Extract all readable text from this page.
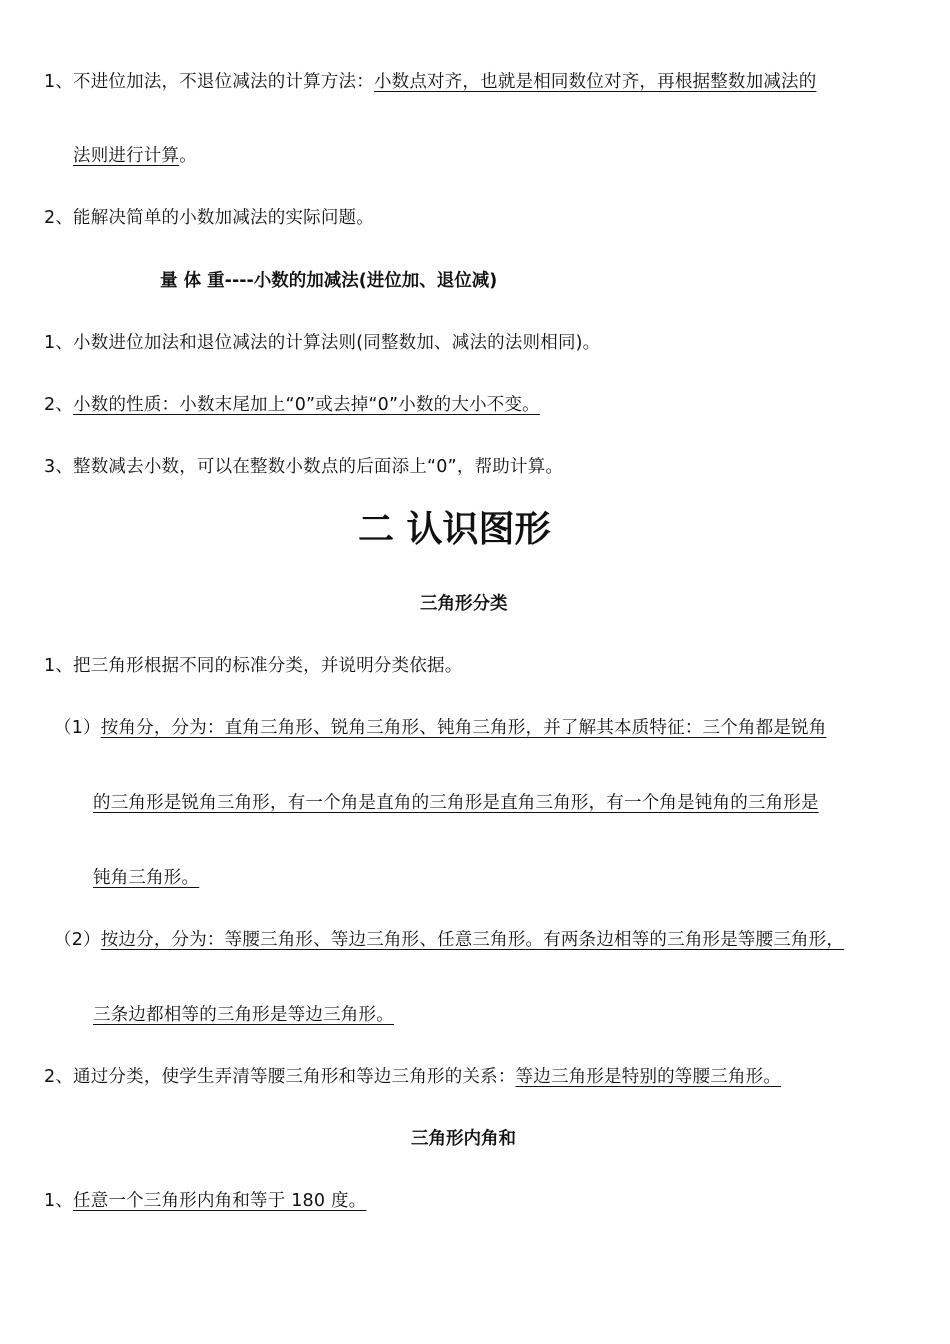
1、不进位加法，不退位减法的计算方法：小数点对齐，也就是相同数位对齐，再根据整数加减法的
法则进行计算。
2、能解决简单的小数加减法的实际问题。
量 体 重----小数的加减法(进位加、退位减)
1、小数进位加法和退位减法的计算法则(同整数加、减法的法则相同)。
2、小数的性质：小数末尾加上“0”或去掉“0”小数的大小不变。
3、整数减去小数，可以在整数小数点的后面添上“0”，帮助计算。
二 认识图形
三角形分类
1、把三角形根据不同的标准分类，并说明分类依据。
（1）按角分，分为：直角三角形、锐角三角形、钝角三角形，并了解其本质特征：三个角都是锐角
的三角形是锐角三角形，有一个角是直角的三角形是直角三角形，有一个角是钝角的三角形是
钝角三角形。
（2）按边分，分为：等腰三角形、等边三角形、任意三角形。有两条边相等的三角形是等腰三角形，
三条边都相等的三角形是等边三角形。
2、通过分类，使学生弄清等腰三角形和等边三角形的关系：等边三角形是特别的等腰三角形。
三角形内角和
1、任意一个三角形内角和等于 180 度。
